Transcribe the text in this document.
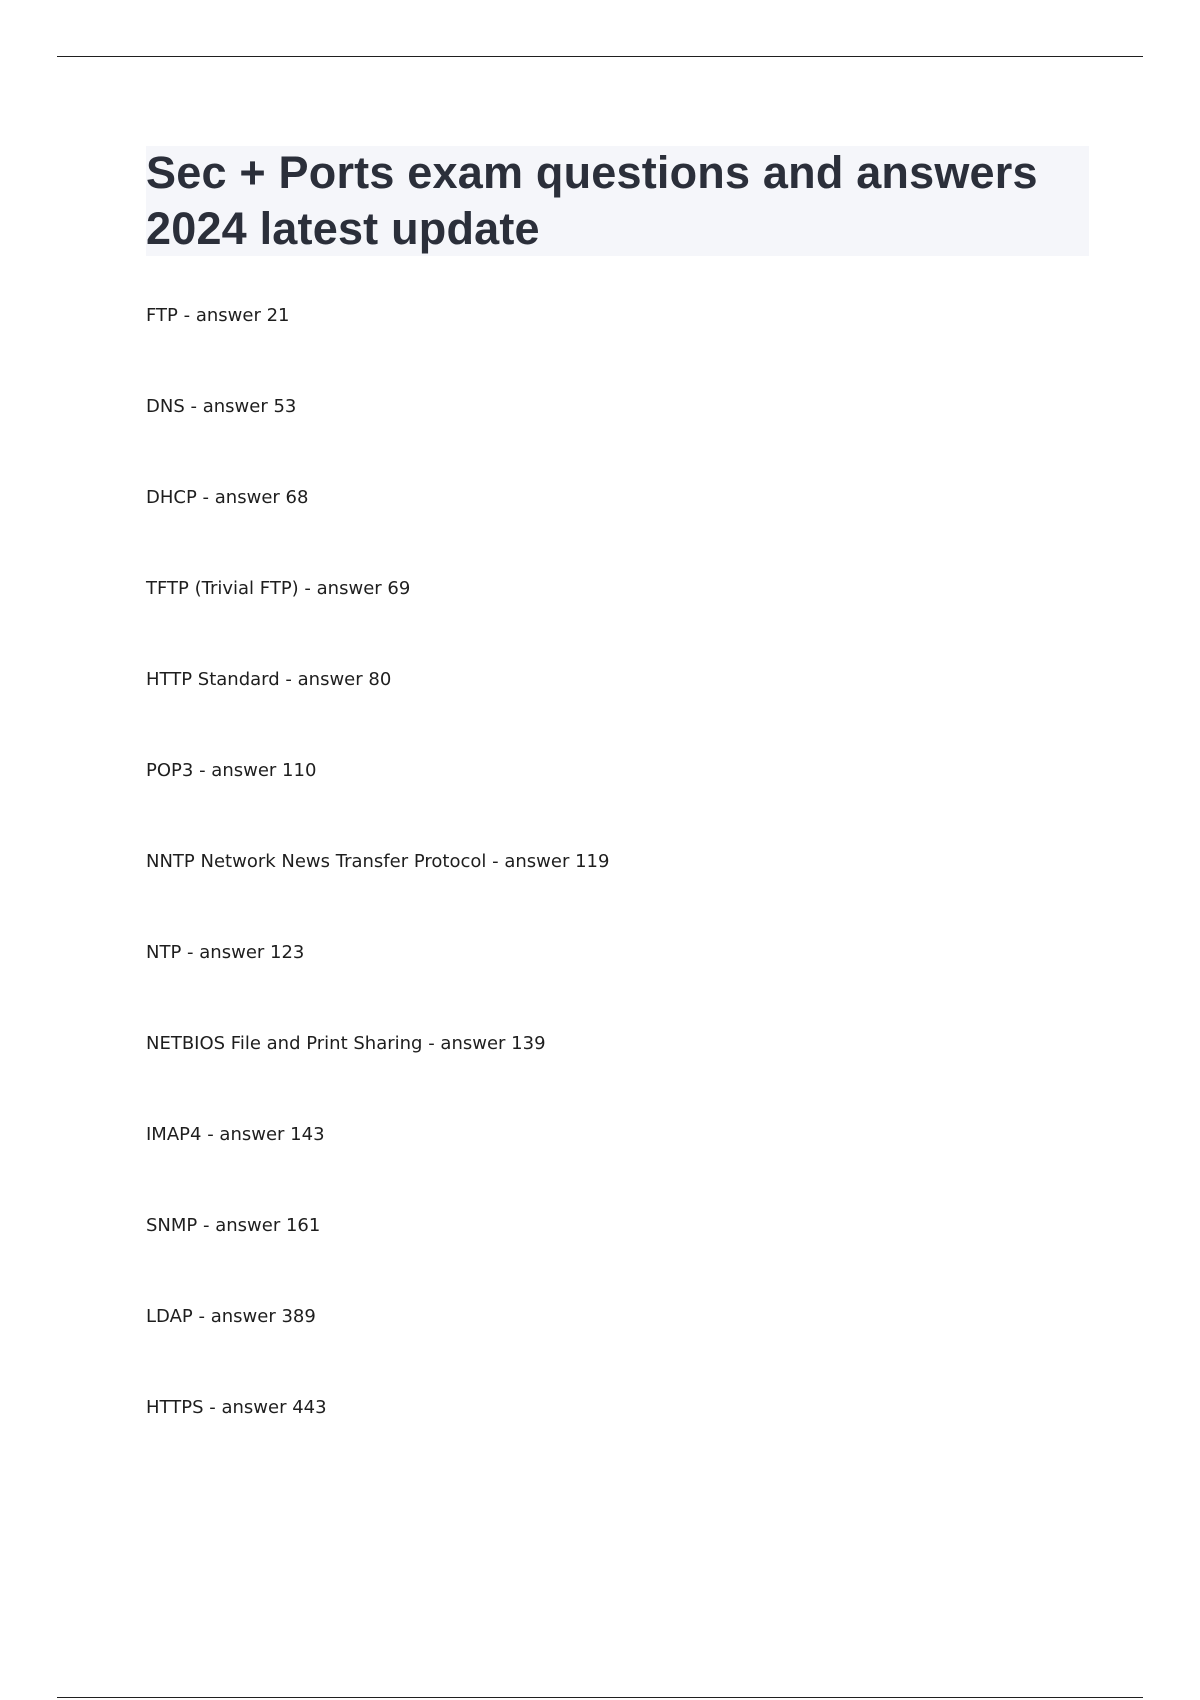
Sec + Ports exam questions and answers 2024 latest update
FTP - answer 21
DNS - answer 53
DHCP - answer 68
TFTP (Trivial FTP) - answer 69
HTTP Standard - answer 80
POP3 - answer 110
NNTP Network News Transfer Protocol - answer 119
NTP - answer 123
NETBIOS File and Print Sharing - answer 139
IMAP4 - answer 143
SNMP - answer 161
LDAP - answer 389
HTTPS - answer 443
